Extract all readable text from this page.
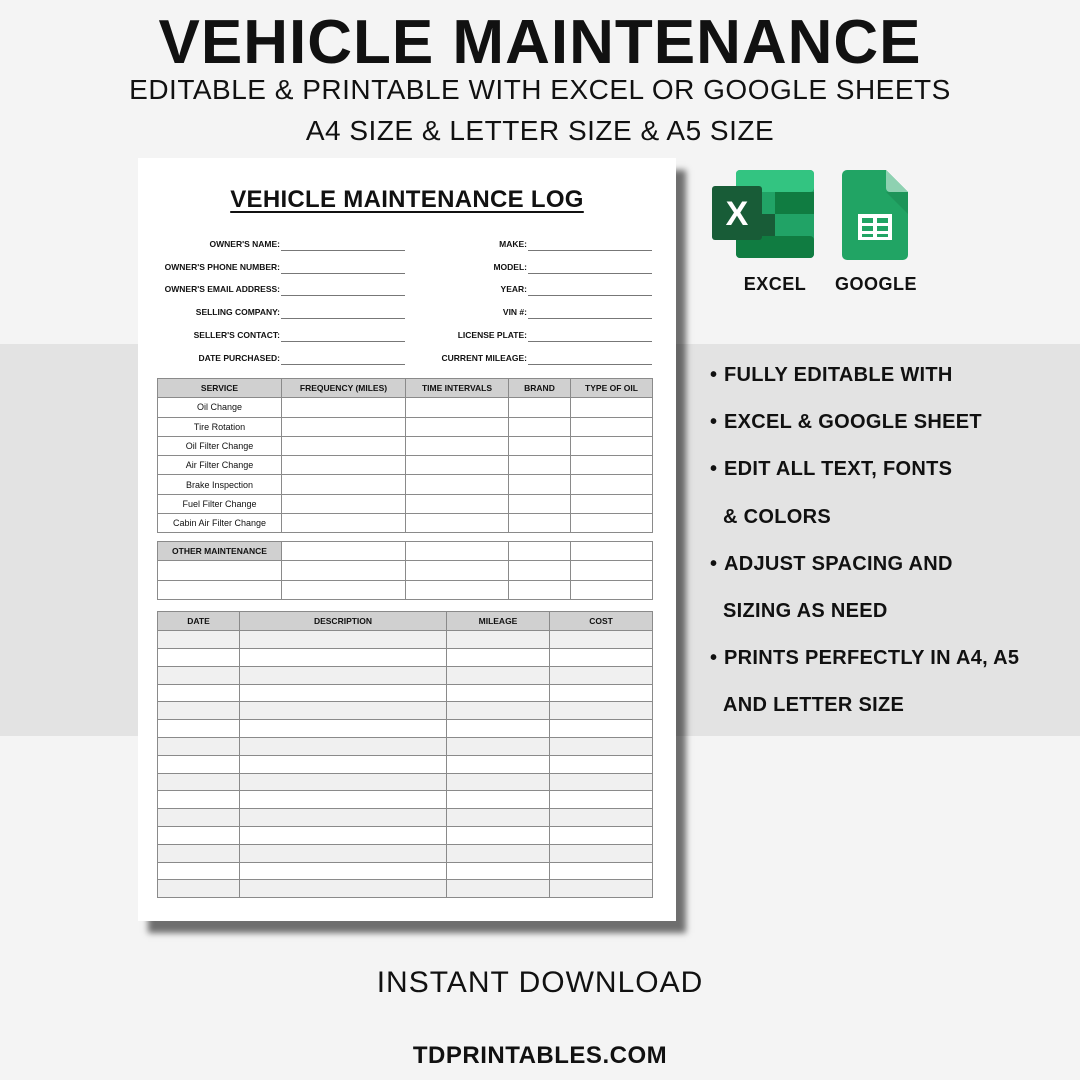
VEHICLE MAINTENANCE
EDITABLE & PRINTABLE WITH EXCEL OR GOOGLE SHEETS
A4 SIZE & LETTER SIZE & A5 SIZE
VEHICLE MAINTENANCE LOG
OWNER'S NAME:
OWNER'S PHONE NUMBER:
OWNER'S EMAIL ADDRESS:
SELLING COMPANY:
SELLER'S CONTACT:
DATE PURCHASED:
MAKE:
MODEL:
YEAR:
VIN #:
LICENSE PLATE:
CURRENT MILEAGE:
SERVICE	FREQUENCY (MILES)	TIME INTERVALS	BRAND	TYPE OF OIL
Oil Change				
Tire Rotation				
Oil Filter Change				
Air Filter Change				
Brake Inspection				
Fuel Filter Change				
Cabin Air Filter Change				
OTHER MAINTENANCE				

DATE	DESCRIPTION	MILEAGE	COST

X
EXCEL	GOOGLE
• FULLY EDITABLE WITH
• EXCEL & GOOGLE SHEET
• EDIT ALL TEXT, FONTS
& COLORS
• ADJUST SPACING AND
SIZING AS NEED
• PRINTS PERFECTLY IN A4, A5
AND LETTER SIZE
INSTANT DOWNLOAD
TDPRINTABLES.COM
